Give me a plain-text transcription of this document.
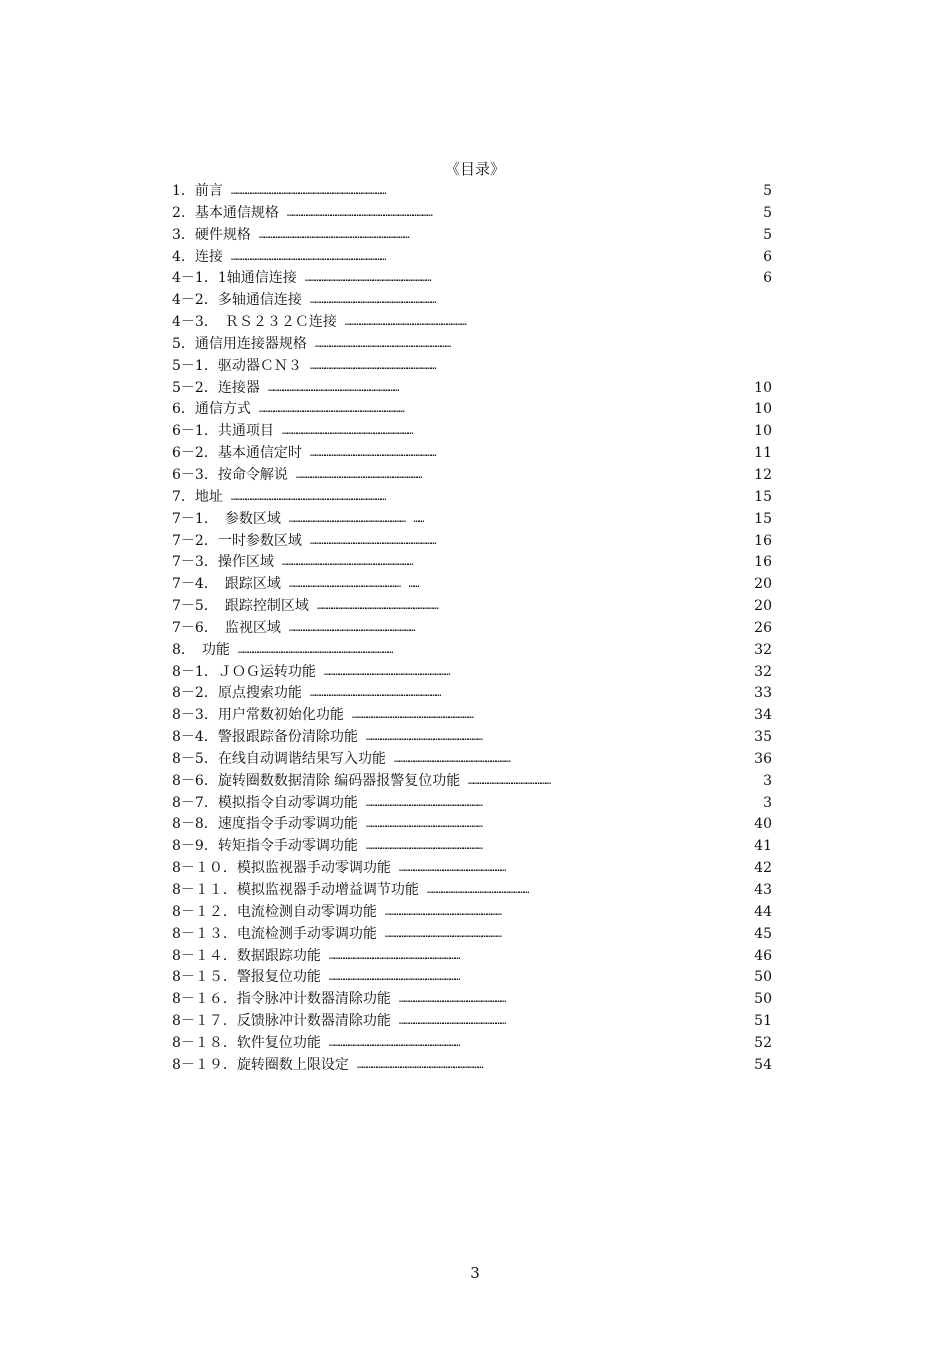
《目录》
1．前言 ……………………………………………………………………………………	5
2．基本通信规格 ………………………………………………………………………………	5
3．硬件规格 …………………………………………………………………………………	5
4．连接 ……………………………………………………………………………………	6
4－1．1轴通信连接 ……………………………………………………………………	6
4－2．多轴通信连接 ……………………………………………………………………
4－3．　ＲＳ２３２Ｃ连接 …………………………………………………………………
5．通信用连接器规格 …………………………………………………………………………
5－1．驱动器ＣＮ３ ……………………………………………………………………
5－2．连接器 ………………………………………………………………………	10
6．通信方式 ………………………………………………………………………………	10
6－1．共通项目 ………………………………………………………………………	10
6－2．基本通信定时 ……………………………………………………………………	11
6－3．按命令解说 ……………………………………………………………………	12
7．地址 ……………………………………………………………………………………	15
7－1．　参数区域 ………………………………………………………………　……	15
7－2．一时参数区域 ……………………………………………………………………	16
7－3．操作区域 ………………………………………………………………………	16
7－4．　跟踪区域 ……………………………………………………………　……	20
7－5．　跟踪控制区域 …………………………………………………………………	20
7－6．　监视区域 ……………………………………………………………………	26
8．　功能 ……………………………………………………………………………………	32
8－1．ＪＯＧ运转功能 ……………………………………………………………………	32
8－2．原点搜索功能 ………………………………………………………………………	33
8－3．用户常数初始化功能 …………………………………………………………………	34
8－4．警报跟踪备份清除功能 ………………………………………………………………	35
8－5．在线自动调谐结果写入功能 ………………………………………………………………	36
8－6．旋转圈数数据清除 编码器报警复位功能 ……………………………………………	3
8－7．模拟指令自动零调功能 ………………………………………………………………	3
8－8．速度指令手动零调功能 ………………………………………………………………	40
8－9．转矩指令手动零调功能 ………………………………………………………………	41
8－１０．模拟监视器手动零调功能 …………………………………………………………	42
8－１１．模拟监视器手动增益调节功能 ………………………………………………………	43
8－１２．电流检测自动零调功能 ………………………………………………………………	44
8－１３．电流检测手动零调功能 ………………………………………………………………	45
8－１４．数据跟踪功能 ………………………………………………………………………	46
8－１５．警报复位功能 ………………………………………………………………………	50
8－１６．指令脉冲计数器清除功能 …………………………………………………………	50
8－１７．反馈脉冲计数器清除功能 …………………………………………………………	51
8－１８．软件复位功能 ………………………………………………………………………	52
8－１９．旋转圈数上限设定 ……………………………………………………………………	54
3
